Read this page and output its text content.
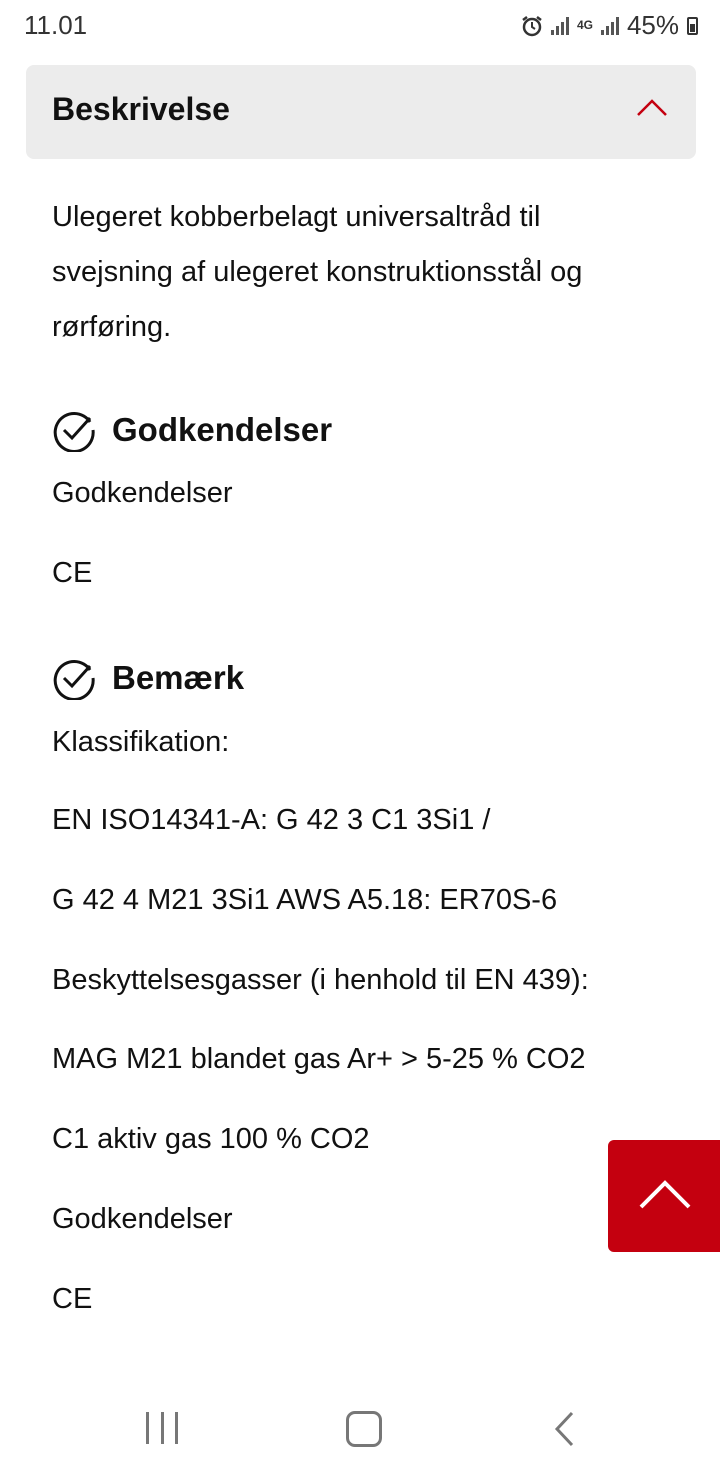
11.01	4G 45%
Beskrivelse
Ulegeret kobberbelagt universaltråd til svejsning af ulegeret konstruktionsstål og rørføring.
Godkendelser
Godkendelser
CE
Bemærk
Klassifikation:
EN ISO14341-A: G 42 3 C1 3Si1 /
G 42 4 M21 3Si1 AWS A5.18: ER70S-6
Beskyttelsesgasser (i henhold til EN 439):
MAG M21 blandet gas Ar+ > 5-25 % CO2
C1 aktiv gas 100 % CO2
Godkendelser
CE
